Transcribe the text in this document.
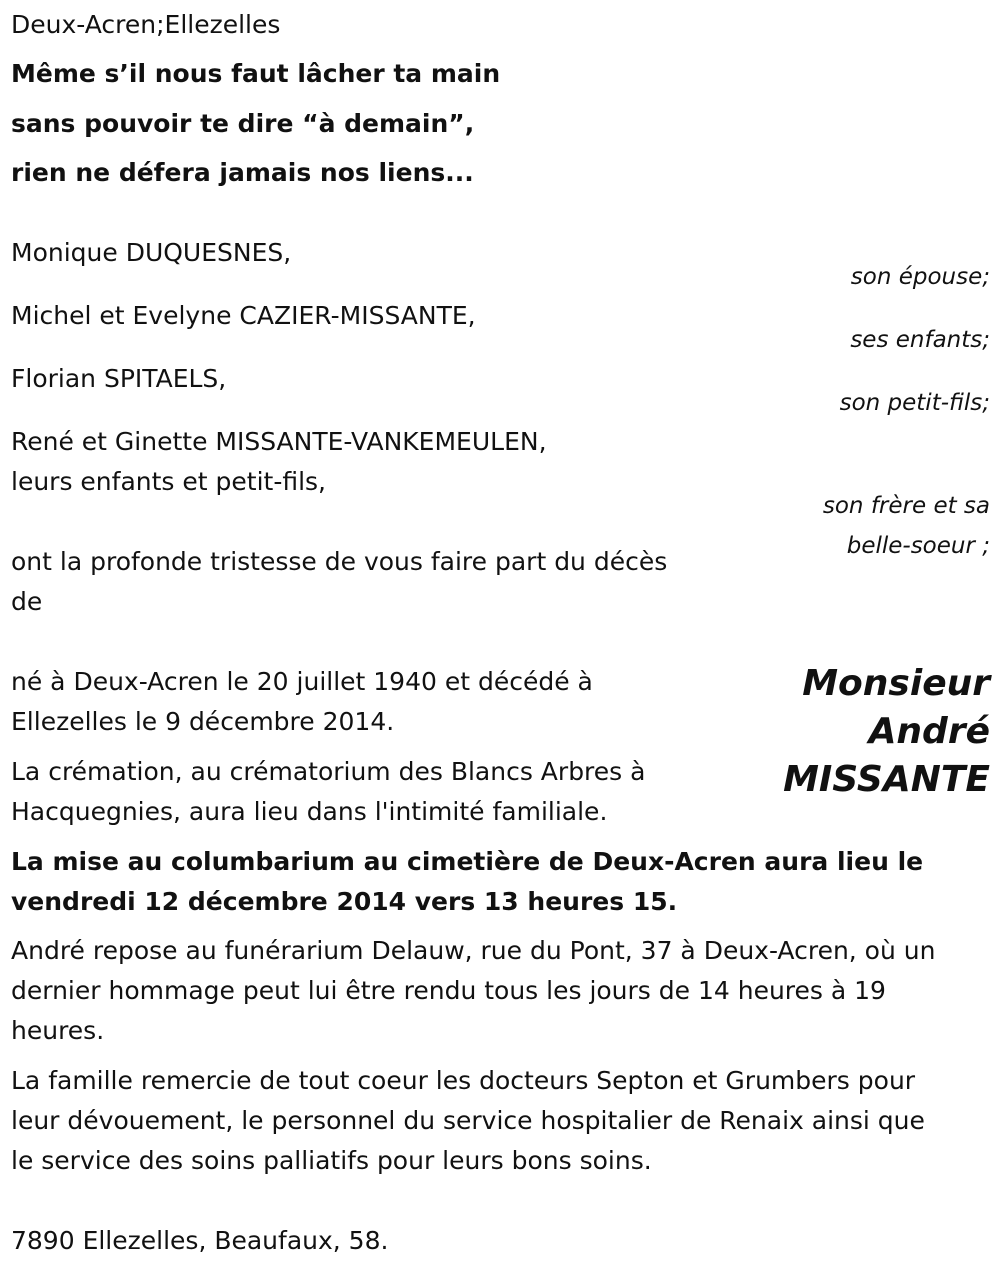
Deux-Acren;Ellezelles
Même s’il nous faut lâcher ta main
sans pouvoir te dire “à demain”,
rien ne défera jamais nos liens...
Monique DUQUESNES,
son épouse;
Michel et Evelyne CAZIER-MISSANTE,
ses enfants;
Florian SPITAELS,
son petit-fils;
René et Ginette MISSANTE-VANKEMEULEN,
leurs enfants et petit-fils,
son frère et sa
belle-soeur ;
ont la profonde tristesse de vous faire part du décès
de
Monsieur
André
MISSANTE
né à Deux-Acren le 20 juillet 1940 et décédé à
Ellezelles le 9 décembre 2014.
La crémation, au crématorium des Blancs Arbres à
Hacquegnies, aura lieu dans l'intimité familiale.
La mise au columbarium au cimetière de Deux-Acren aura lieu le
vendredi 12 décembre 2014 vers 13 heures 15.
André repose au funérarium Delauw, rue du Pont, 37 à Deux-Acren, où un
dernier hommage peut lui être rendu tous les jours de 14 heures à 19
heures.
La famille remercie de tout coeur les docteurs Septon et Grumbers pour
leur dévouement, le personnel du service hospitalier de Renaix ainsi que
le service des soins palliatifs pour leurs bons soins.
7890 Ellezelles, Beaufaux, 58.
